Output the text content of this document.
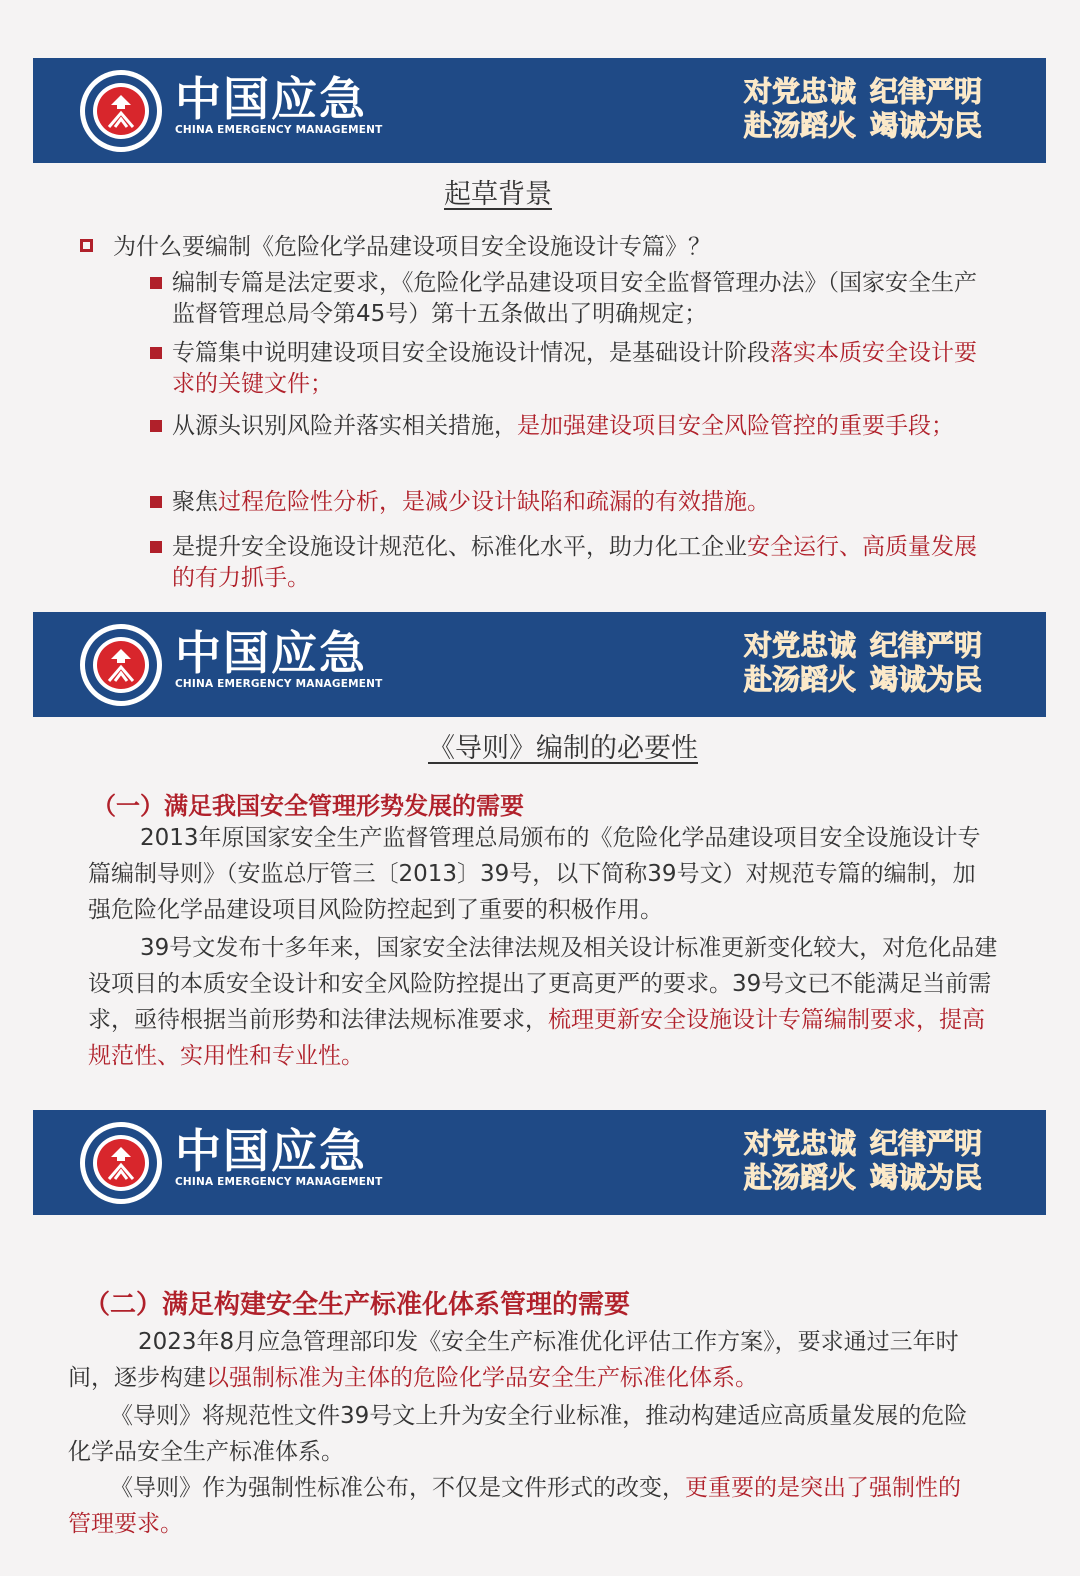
中国应急
CHINA EMERGENCY MANAGEMENT
对党忠诚 纪律严明
赴汤蹈火 竭诚为民
中国应急
CHINA EMERGENCY MANAGEMENT
对党忠诚 纪律严明
赴汤蹈火 竭诚为民
中国应急
CHINA EMERGENCY MANAGEMENT
对党忠诚 纪律严明
赴汤蹈火 竭诚为民
起草背景
为什么要编制《危险化学品建设项目安全设施设计专篇》？
编制专篇是法定要求，《危险化学品建设项目安全监督管理办法》（国家安全生产监督管理总局令第45号）第十五条做出了明确规定；
专篇集中说明建设项目安全设施设计情况，是基础设计阶段落实本质安全设计要求的关键文件；
从源头识别风险并落实相关措施，是加强建设项目安全风险管控的重要手段；
聚焦过程危险性分析，是减少设计缺陷和疏漏的有效措施。
是提升安全设施设计规范化、标准化水平，助力化工企业安全运行、高质量发展的有力抓手。
《导则》编制的必要性
（一）满足我国安全管理形势发展的需要
2013年原国家安全生产监督管理总局颁布的《危险化学品建设项目安全设施设计专篇编制导则》（安监总厅管三〔2013〕39号，以下简称39号文）对规范专篇的编制，加强危险化学品建设项目风险防控起到了重要的积极作用。
39号文发布十多年来，国家安全法律法规及相关设计标准更新变化较大，对危化品建设项目的本质安全设计和安全风险防控提出了更高更严的要求。39号文已不能满足当前需求，亟待根据当前形势和法律法规标准要求，梳理更新安全设施设计专篇编制要求，提高规范性、实用性和专业性。
（二）满足构建安全生产标准化体系管理的需要
2023年8月应急管理部印发《安全生产标准优化评估工作方案》，要求通过三年时间，逐步构建以强制标准为主体的危险化学品安全生产标准化体系。
《导则》将规范性文件39号文上升为安全行业标准，推动构建适应高质量发展的危险化学品安全生产标准体系。
《导则》作为强制性标准公布，不仅是文件形式的改变，更重要的是突出了强制性的管理要求。
